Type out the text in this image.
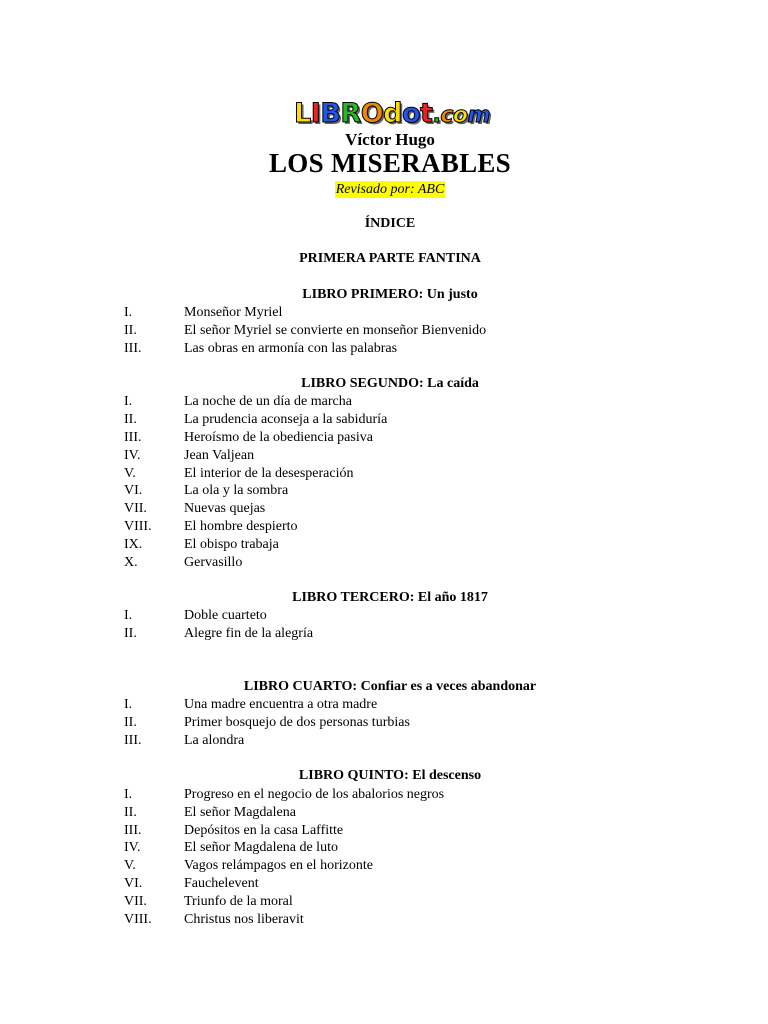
LIBROdot.com
Víctor Hugo
LOS MISERABLES
Revisado por: ABC
ÍNDICE
PRIMERA PARTE FANTINA
LIBRO PRIMERO: Un justo
I.	Monseñor Myriel
II.	El señor Myriel se convierte en monseñor Bienvenido
III.	Las obras en armonía con las palabras
LIBRO SEGUNDO: La caída
I.	La noche de un día de marcha
II.	La prudencia aconseja a la sabiduría
III.	Heroísmo de la obediencia pasiva
IV.	Jean Valjean
V.	El interior de la desesperación
VI.	La ola y la sombra
VII.	Nuevas quejas
VIII. El hombre despierto
IX.	El obispo trabaja
X.	Gervasillo
LIBRO TERCERO: El año 1817
I.	Doble cuarteto
II.	Alegre fin de la alegría
LIBRO CUARTO: Confiar es a veces abandonar
I.	Una madre encuentra a otra madre
II.	Primer bosquejo de dos personas turbias
III.	La alondra
LIBRO QUINTO: El descenso
I.	Progreso en el negocio de los abalorios negros
II.	El señor Magdalena
III.	Depósitos en la casa Laffitte
IV.	El señor Magdalena de luto
V.	Vagos relámpagos en el horizonte
VI.	Fauchelevent
VII.	Triunfo de la moral
VIII. Christus nos liberavit
